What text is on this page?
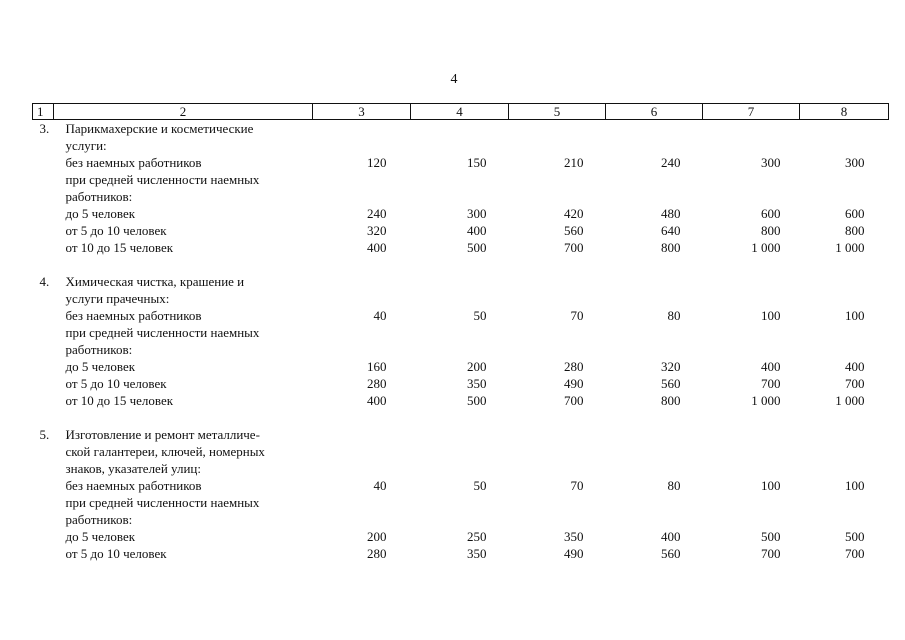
4
1	2	3	4	5	6	7	8
3.	Парикмахерские и косметические						
	услуги:						
	без наемных работников	120	150	210	240	300	300
	при средней численности наемных						
	работников:						
	до 5 человек	240	300	420	480	600	600
	от 5 до 10 человек	320	400	560	640	800	800
	от 10 до 15 человек	400	500	700	800	1 000	1 000

4.	Химическая чистка, крашение и						
	услуги прачечных:						
	без наемных работников	40	50	70	80	100	100
	при средней численности наемных						
	работников:						
	до 5 человек	160	200	280	320	400	400
	от 5 до 10 человек	280	350	490	560	700	700
	от 10 до 15 человек	400	500	700	800	1 000	1 000

5.	Изготовление и ремонт металличе-						
	ской галантереи, ключей, номерных						
	знаков, указателей улиц:						
	без наемных работников	40	50	70	80	100	100
	при средней численности наемных						
	работников:						
	до 5 человек	200	250	350	400	500	500
	от 5 до 10 человек	280	350	490	560	700	700
